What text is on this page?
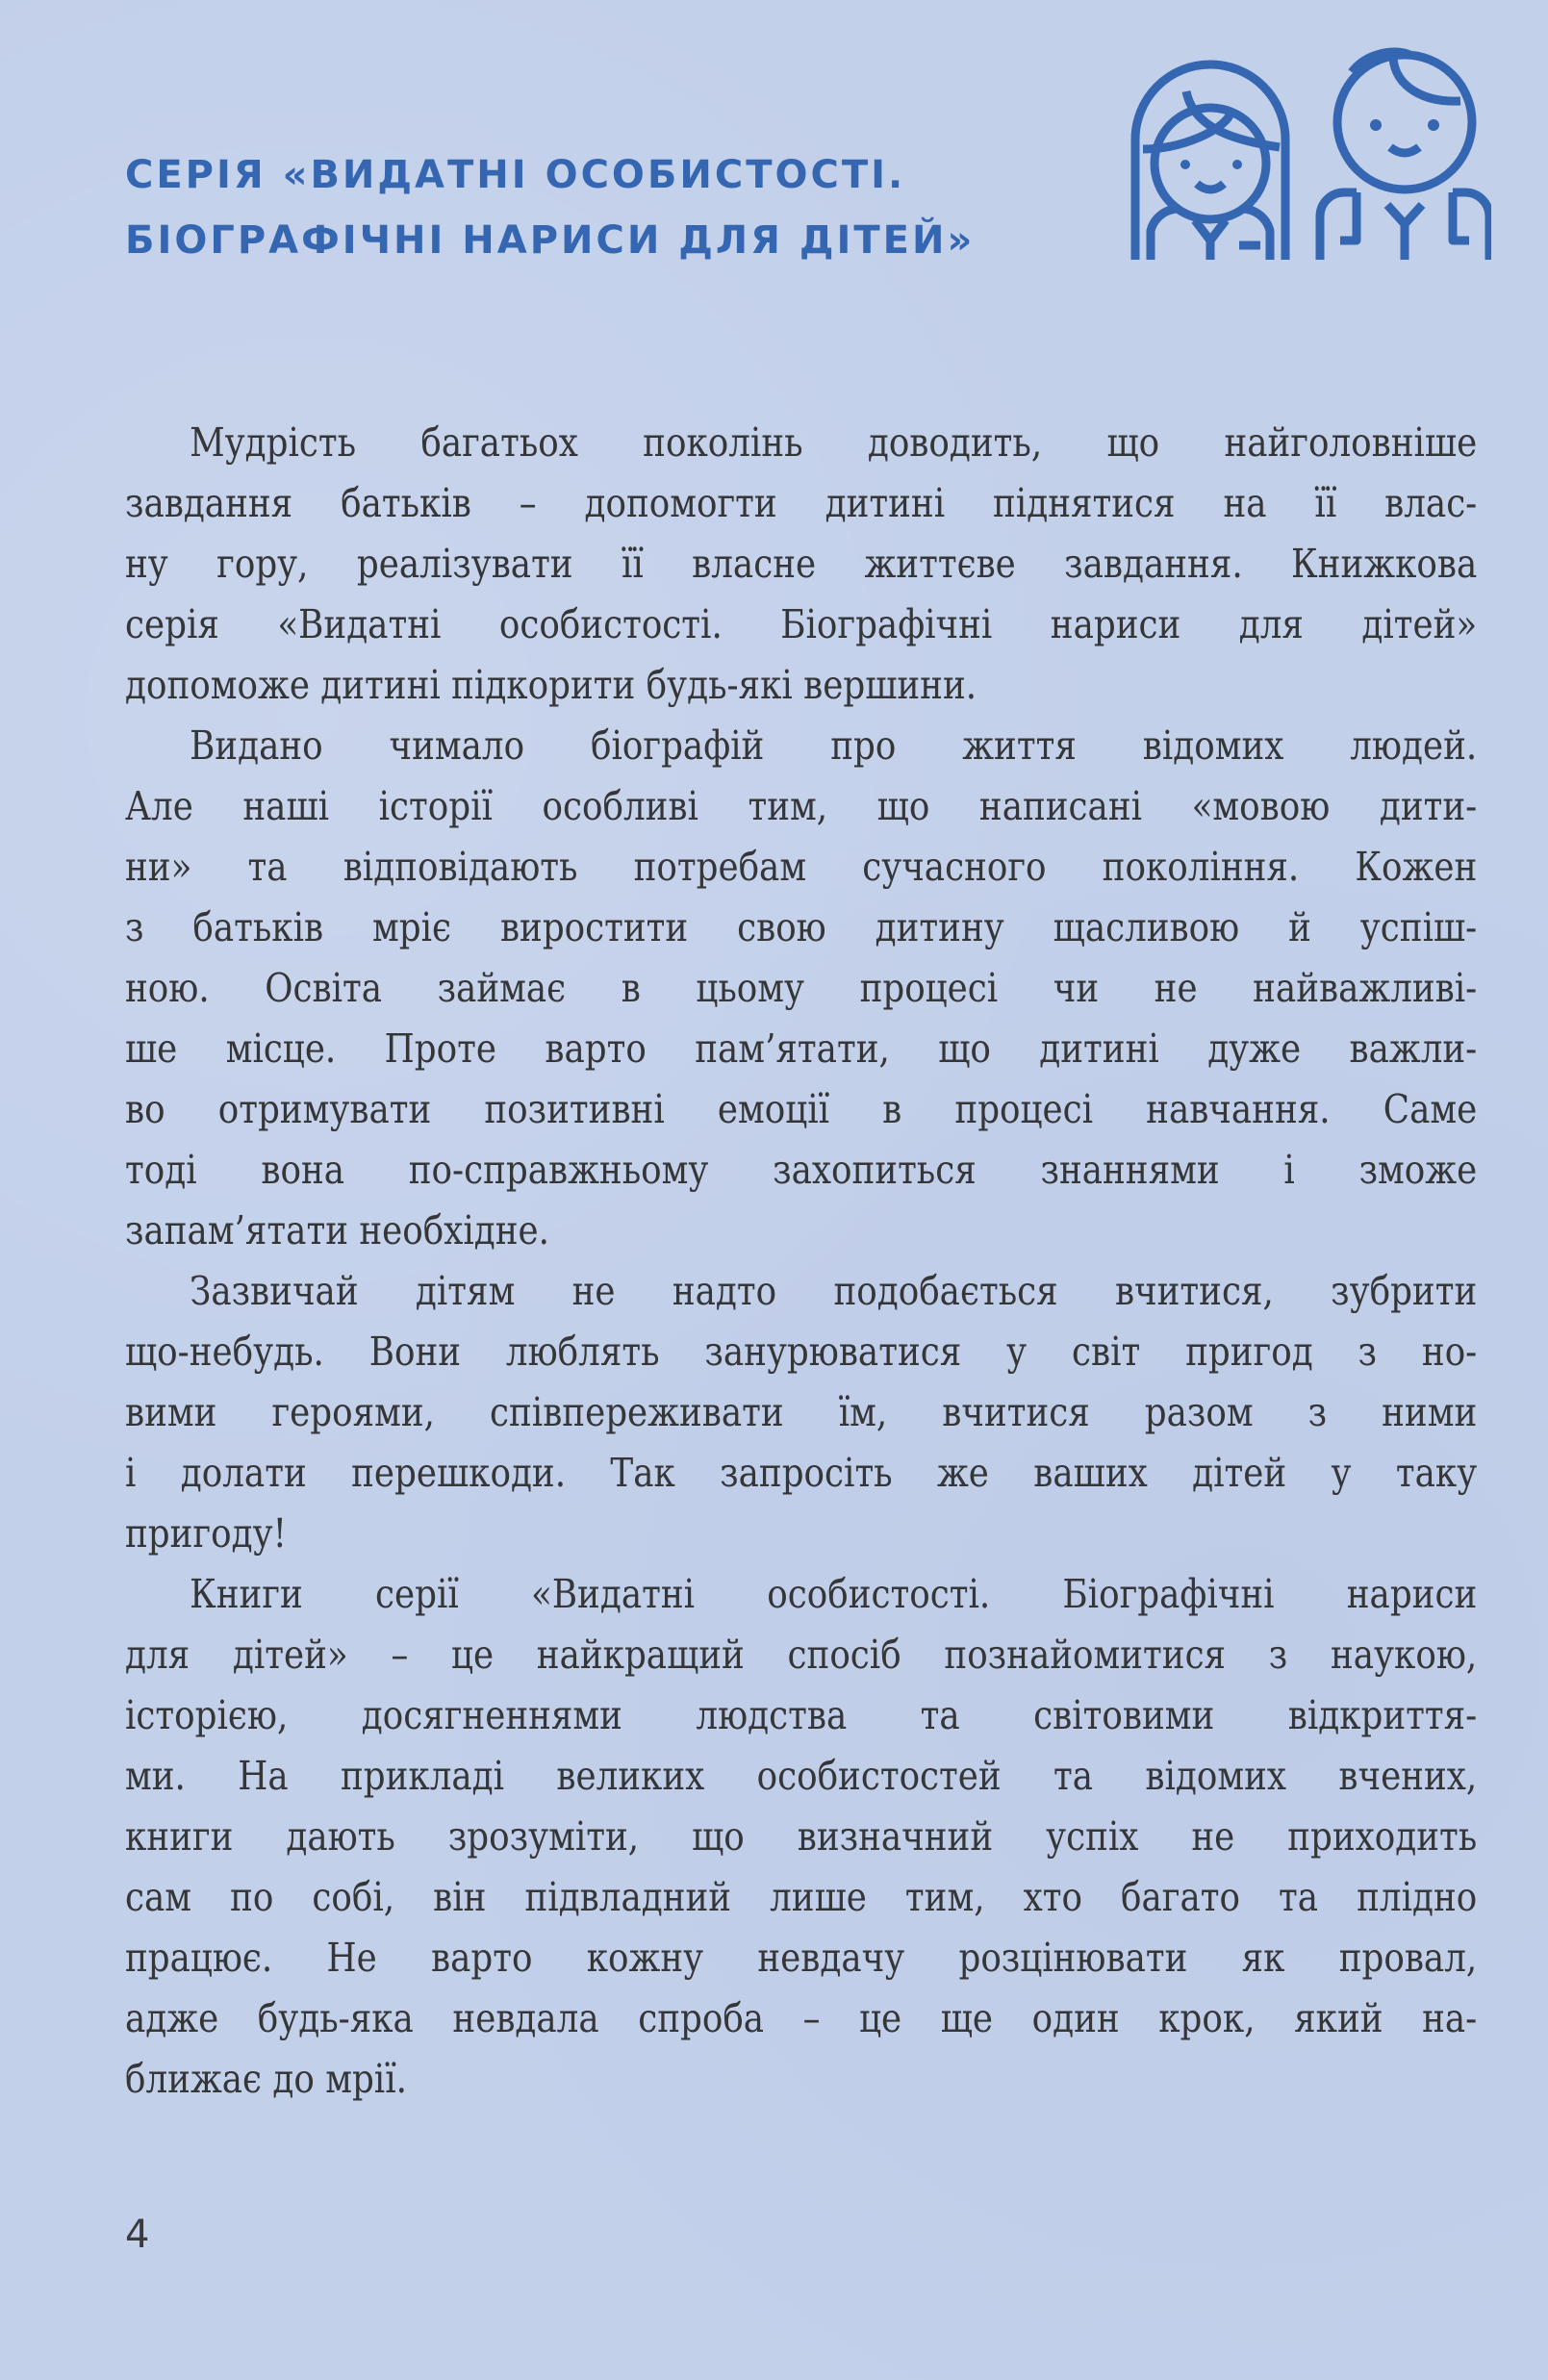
СЕРІЯ «ВИДАТНІ ОСОБИСТОСТІ.
БІОГРАФІЧНІ НАРИСИ ДЛЯ ДІТЕЙ»
Мудрість багатьох поколінь доводить, що найголовніше
завдання батьків – допомогти дитині піднятися на її влас-
ну гору, реалізувати її власне життєве завдання. Книжкова
серія «Видатні особистості. Біографічні нариси для дітей»
допоможе дитині підкорити будь-які вершини.
Видано чимало біографій про життя відомих людей.
Але наші історії особливі тим, що написані «мовою дити-
ни» та відповідають потребам сучасного покоління. Кожен
з батьків мріє виростити свою дитину щасливою й успіш-
ною. Освіта займає в цьому процесі чи не найважливі-
ше місце. Проте варто пам’ятати, що дитині дуже важли-
во отримувати позитивні емоції в процесі навчання. Саме
тоді вона по-справжньому захопиться знаннями і зможе
запам’ятати необхідне.
Зазвичай дітям не надто подобається вчитися, зубрити
що-небудь. Вони люблять занурюватися у світ пригод з но-
вими героями, співпереживати їм, вчитися разом з ними
і долати перешкоди. Так запросіть же ваших дітей у таку
пригоду!
Книги серії «Видатні особистості. Біографічні нариси
для дітей» – це найкращий спосіб познайомитися з наукою,
історією, досягненнями людства та світовими відкриття-
ми. На прикладі великих особистостей та відомих вчених,
книги дають зрозуміти, що визначний успіх не приходить
сам по собі, він підвладний лише тим, хто багато та плідно
працює. Не варто кожну невдачу розцінювати як провал,
адже будь-яка невдала спроба – це ще один крок, який на-
ближає до мрії.
4
